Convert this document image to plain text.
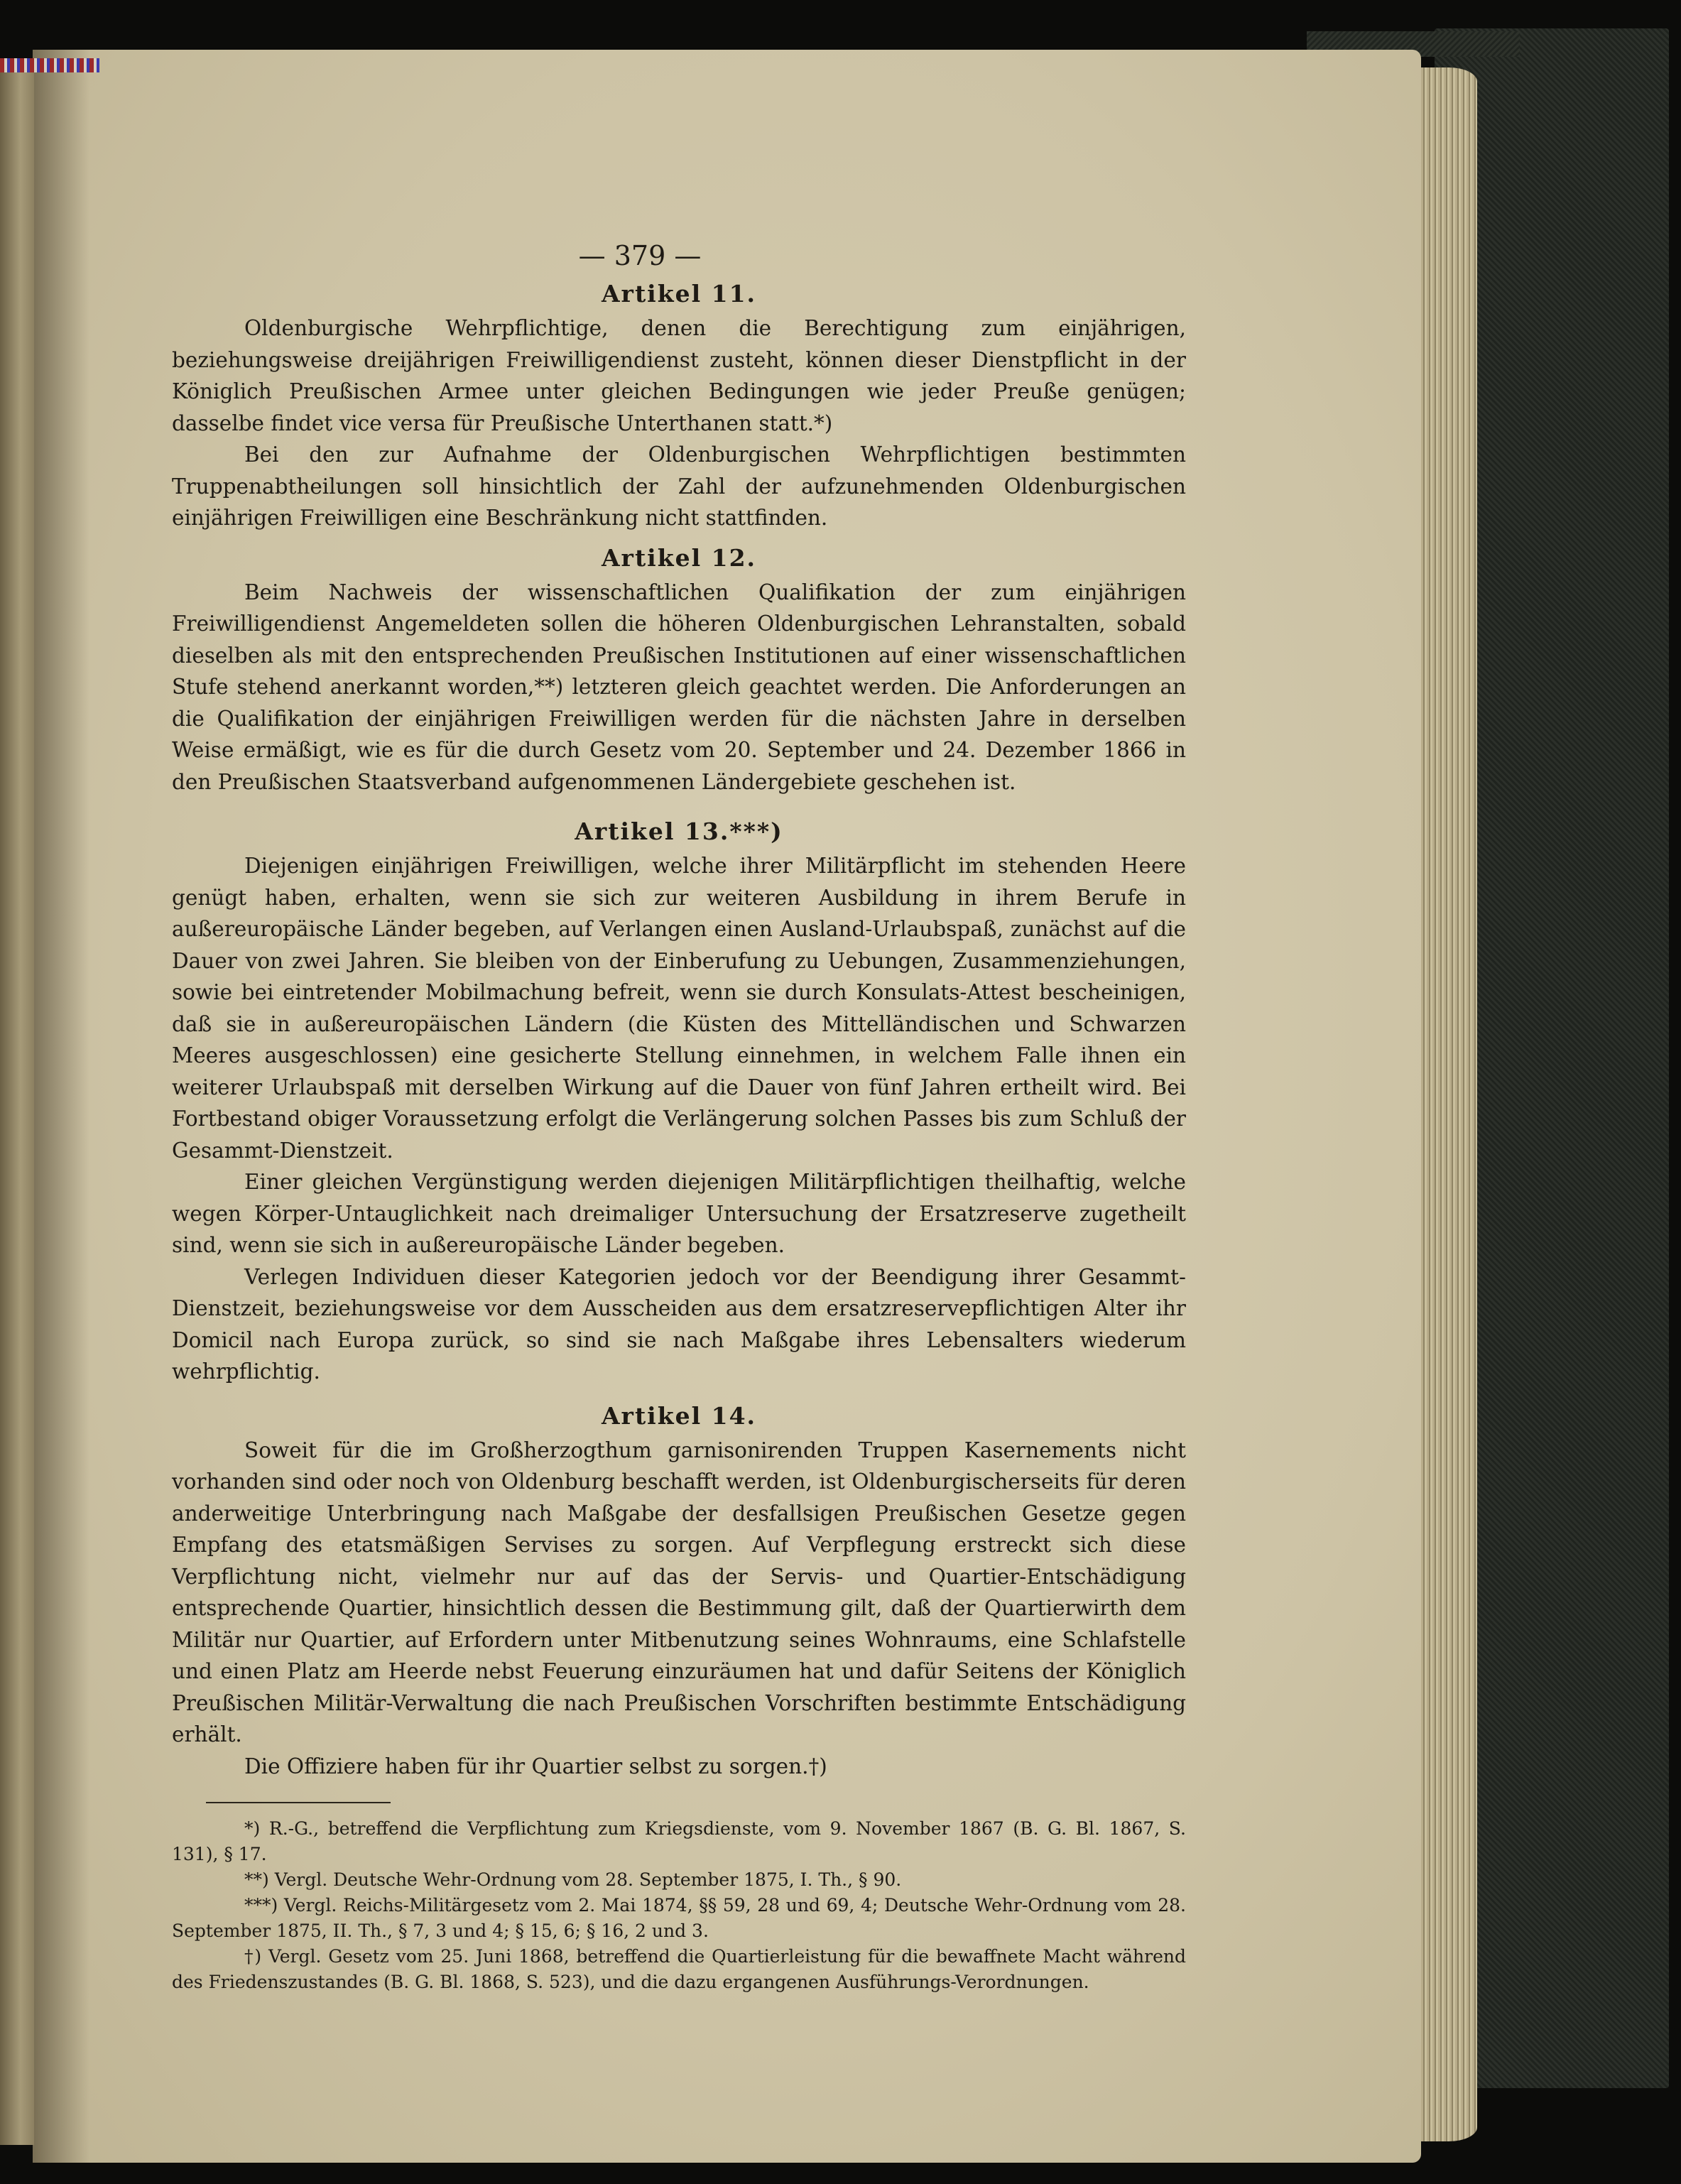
— 379 —
Artikel 11.

Oldenburgische Wehrpflichtige, denen die Berechtigung zum einjährigen, beziehungsweise dreijährigen Freiwilligendienst zusteht, können dieser Dienstpflicht in der Königlich Preußischen Armee unter gleichen Bedingungen wie jeder Preuße genügen; dasselbe findet vice versa für Preußische Unterthanen statt.*)

Bei den zur Aufnahme der Oldenburgischen Wehrpflichtigen bestimmten Truppenabtheilungen soll hinsichtlich der Zahl der aufzunehmenden Oldenburgischen einjährigen Freiwilligen eine Beschränkung nicht stattfinden.

Artikel 12.

Beim Nachweis der wissenschaftlichen Qualifikation der zum einjährigen Freiwilligendienst Angemeldeten sollen die höheren Oldenburgischen Lehranstalten, sobald dieselben als mit den entsprechenden Preußischen Institutionen auf einer wissenschaftlichen Stufe stehend anerkannt worden,**) letzteren gleich geachtet werden. Die Anforderungen an die Qualifikation der einjährigen Freiwilligen werden für die nächsten Jahre in derselben Weise ermäßigt, wie es für die durch Gesetz vom 20. September und 24. Dezember 1866 in den Preußischen Staatsverband aufgenommenen Ländergebiete geschehen ist.

Artikel 13.***)

Diejenigen einjährigen Freiwilligen, welche ihrer Militärpflicht im stehenden Heere genügt haben, erhalten, wenn sie sich zur weiteren Ausbildung in ihrem Berufe in außereuropäische Länder begeben, auf Verlangen einen Ausland-Urlaubspaß, zunächst auf die Dauer von zwei Jahren. Sie bleiben von der Einberufung zu Uebungen, Zusammenziehungen, sowie bei eintretender Mobilmachung befreit, wenn sie durch Konsulats-Attest bescheinigen, daß sie in außereuropäischen Ländern (die Küsten des Mittelländischen und Schwarzen Meeres ausgeschlossen) eine gesicherte Stellung einnehmen, in welchem Falle ihnen ein weiterer Urlaubspaß mit derselben Wirkung auf die Dauer von fünf Jahren ertheilt wird. Bei Fortbestand obiger Voraussetzung erfolgt die Verlängerung solchen Passes bis zum Schluß der Gesammt-Dienstzeit.

Einer gleichen Vergünstigung werden diejenigen Militärpflichtigen theilhaftig, welche wegen Körper-Untauglichkeit nach dreimaliger Untersuchung der Ersatzreserve zugetheilt sind, wenn sie sich in außereuropäische Länder begeben.

Verlegen Individuen dieser Kategorien jedoch vor der Beendigung ihrer Gesammt-Dienstzeit, beziehungsweise vor dem Ausscheiden aus dem ersatzreservepflichtigen Alter ihr Domicil nach Europa zurück, so sind sie nach Maßgabe ihres Lebensalters wiederum wehrpflichtig.

Artikel 14.

Soweit für die im Großherzogthum garnisonirenden Truppen Kasernements nicht vorhanden sind oder noch von Oldenburg beschafft werden, ist Oldenburgischerseits für deren anderweitige Unterbringung nach Maßgabe der desfallsigen Preußischen Gesetze gegen Empfang des etatsmäßigen Servises zu sorgen. Auf Verpflegung erstreckt sich diese Verpflichtung nicht, vielmehr nur auf das der Servis- und Quartier-Entschädigung entsprechende Quartier, hinsichtlich dessen die Bestimmung gilt, daß der Quartierwirth dem Militär nur Quartier, auf Erfordern unter Mitbenutzung seines Wohnraums, eine Schlafstelle und einen Platz am Heerde nebst Feuerung einzuräumen hat und dafür Seitens der Königlich Preußischen Militär-Verwaltung die nach Preußischen Vorschriften bestimmte Entschädigung erhält.

Die Offiziere haben für ihr Quartier selbst zu sorgen.†)

*) R.-G., betreffend die Verpflichtung zum Kriegsdienste, vom 9. November 1867 (B. G. Bl. 1867, S. 131), § 17.

**) Vergl. Deutsche Wehr-Ordnung vom 28. September 1875, I. Th., § 90.

***) Vergl. Reichs-Militärgesetz vom 2. Mai 1874, §§ 59, 28 und 69, 4; Deutsche Wehr-Ordnung vom 28. September 1875, II. Th., § 7, 3 und 4; § 15, 6; § 16, 2 und 3.

†) Vergl. Gesetz vom 25. Juni 1868, betreffend die Quartierleistung für die bewaffnete Macht während des Friedenszustandes (B. G. Bl. 1868, S. 523), und die dazu ergangenen Ausführungs-Verordnungen.
